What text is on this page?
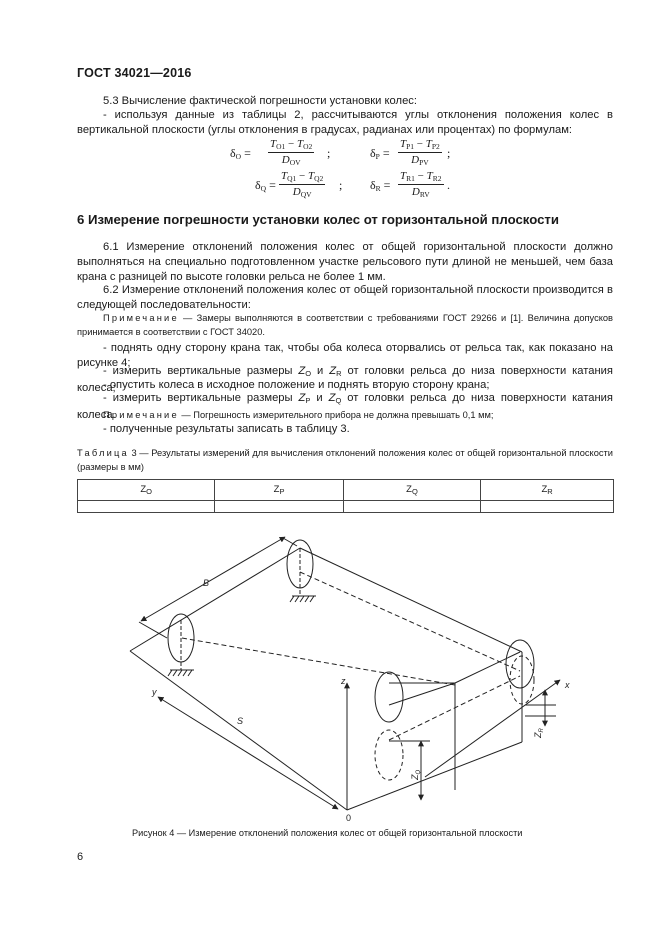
ГОСТ 34021—2016
5.3 Вычисление фактической погрешности установки колес:
- используя данные из таблицы 2, рассчитываются углы отклонения положения колес в вертикальной плоскости (углы отклонения в градусах, радианах или процентах) по формулам:
$\delta_O$ =
$T_{O1} - T_{O2}$
$D_{OV}$
;	$\delta_P$ =
$T_{P1} - T_{P2}$
$D_{PV}$
;
$\delta_Q$ =
$T_{Q1} - T_{Q2}$
$D_{QV}$
; $\delta_R$ =
$T_{R1} - T_{R2}$
$D_{RV}$
.
6 Измерение погрешности установки колес от горизонтальной плоскости
6.1 Измерение отклонений положения колес от общей горизонтальной плоскости должно выполняться на специально подготовленном участке рельсового пути длиной не меньшей, чем база крана с разницей по высоте головки рельса не более 1 мм.
6.2 Измерение отклонений положения колес от общей горизонтальной плоскости производится в следующей последовательности:
Примечание — Замеры выполняются в соответствии с требованиями ГОСТ 29266 и [1]. Величина допусков принимается в соответствии с ГОСТ 34020.
- поднять одну сторону крана так, чтобы оба колеса оторвались от рельса так, как показано на рисунке 4;
- измерить вертикальные размеры $Z_O$ и $Z_R$ от головки рельса до низа поверхности катания колеса;
- опустить колеса в исходное положение и поднять вторую сторону крана;
- измерить вертикальные размеры $Z_P$ и $Z_Q$ от головки рельса до низа поверхности катания колеса.
Примечание — Погрешность измерительного прибора не должна превышать 0,1 мм;
- полученные результаты записать в таблицу 3.
Таблица 3 — Результаты измерений для вычисления отклонений положения колес от общей горизонтальной плоскости (размеры в мм)
$Z_O$	$Z_P$	$Z_Q$	$Z_R$

B
S
y
z	x
0
$Z_Q$
$Z_R$
Рисунок 4 — Измерение отклонений положения колес от общей горизонтальной плоскости
6
